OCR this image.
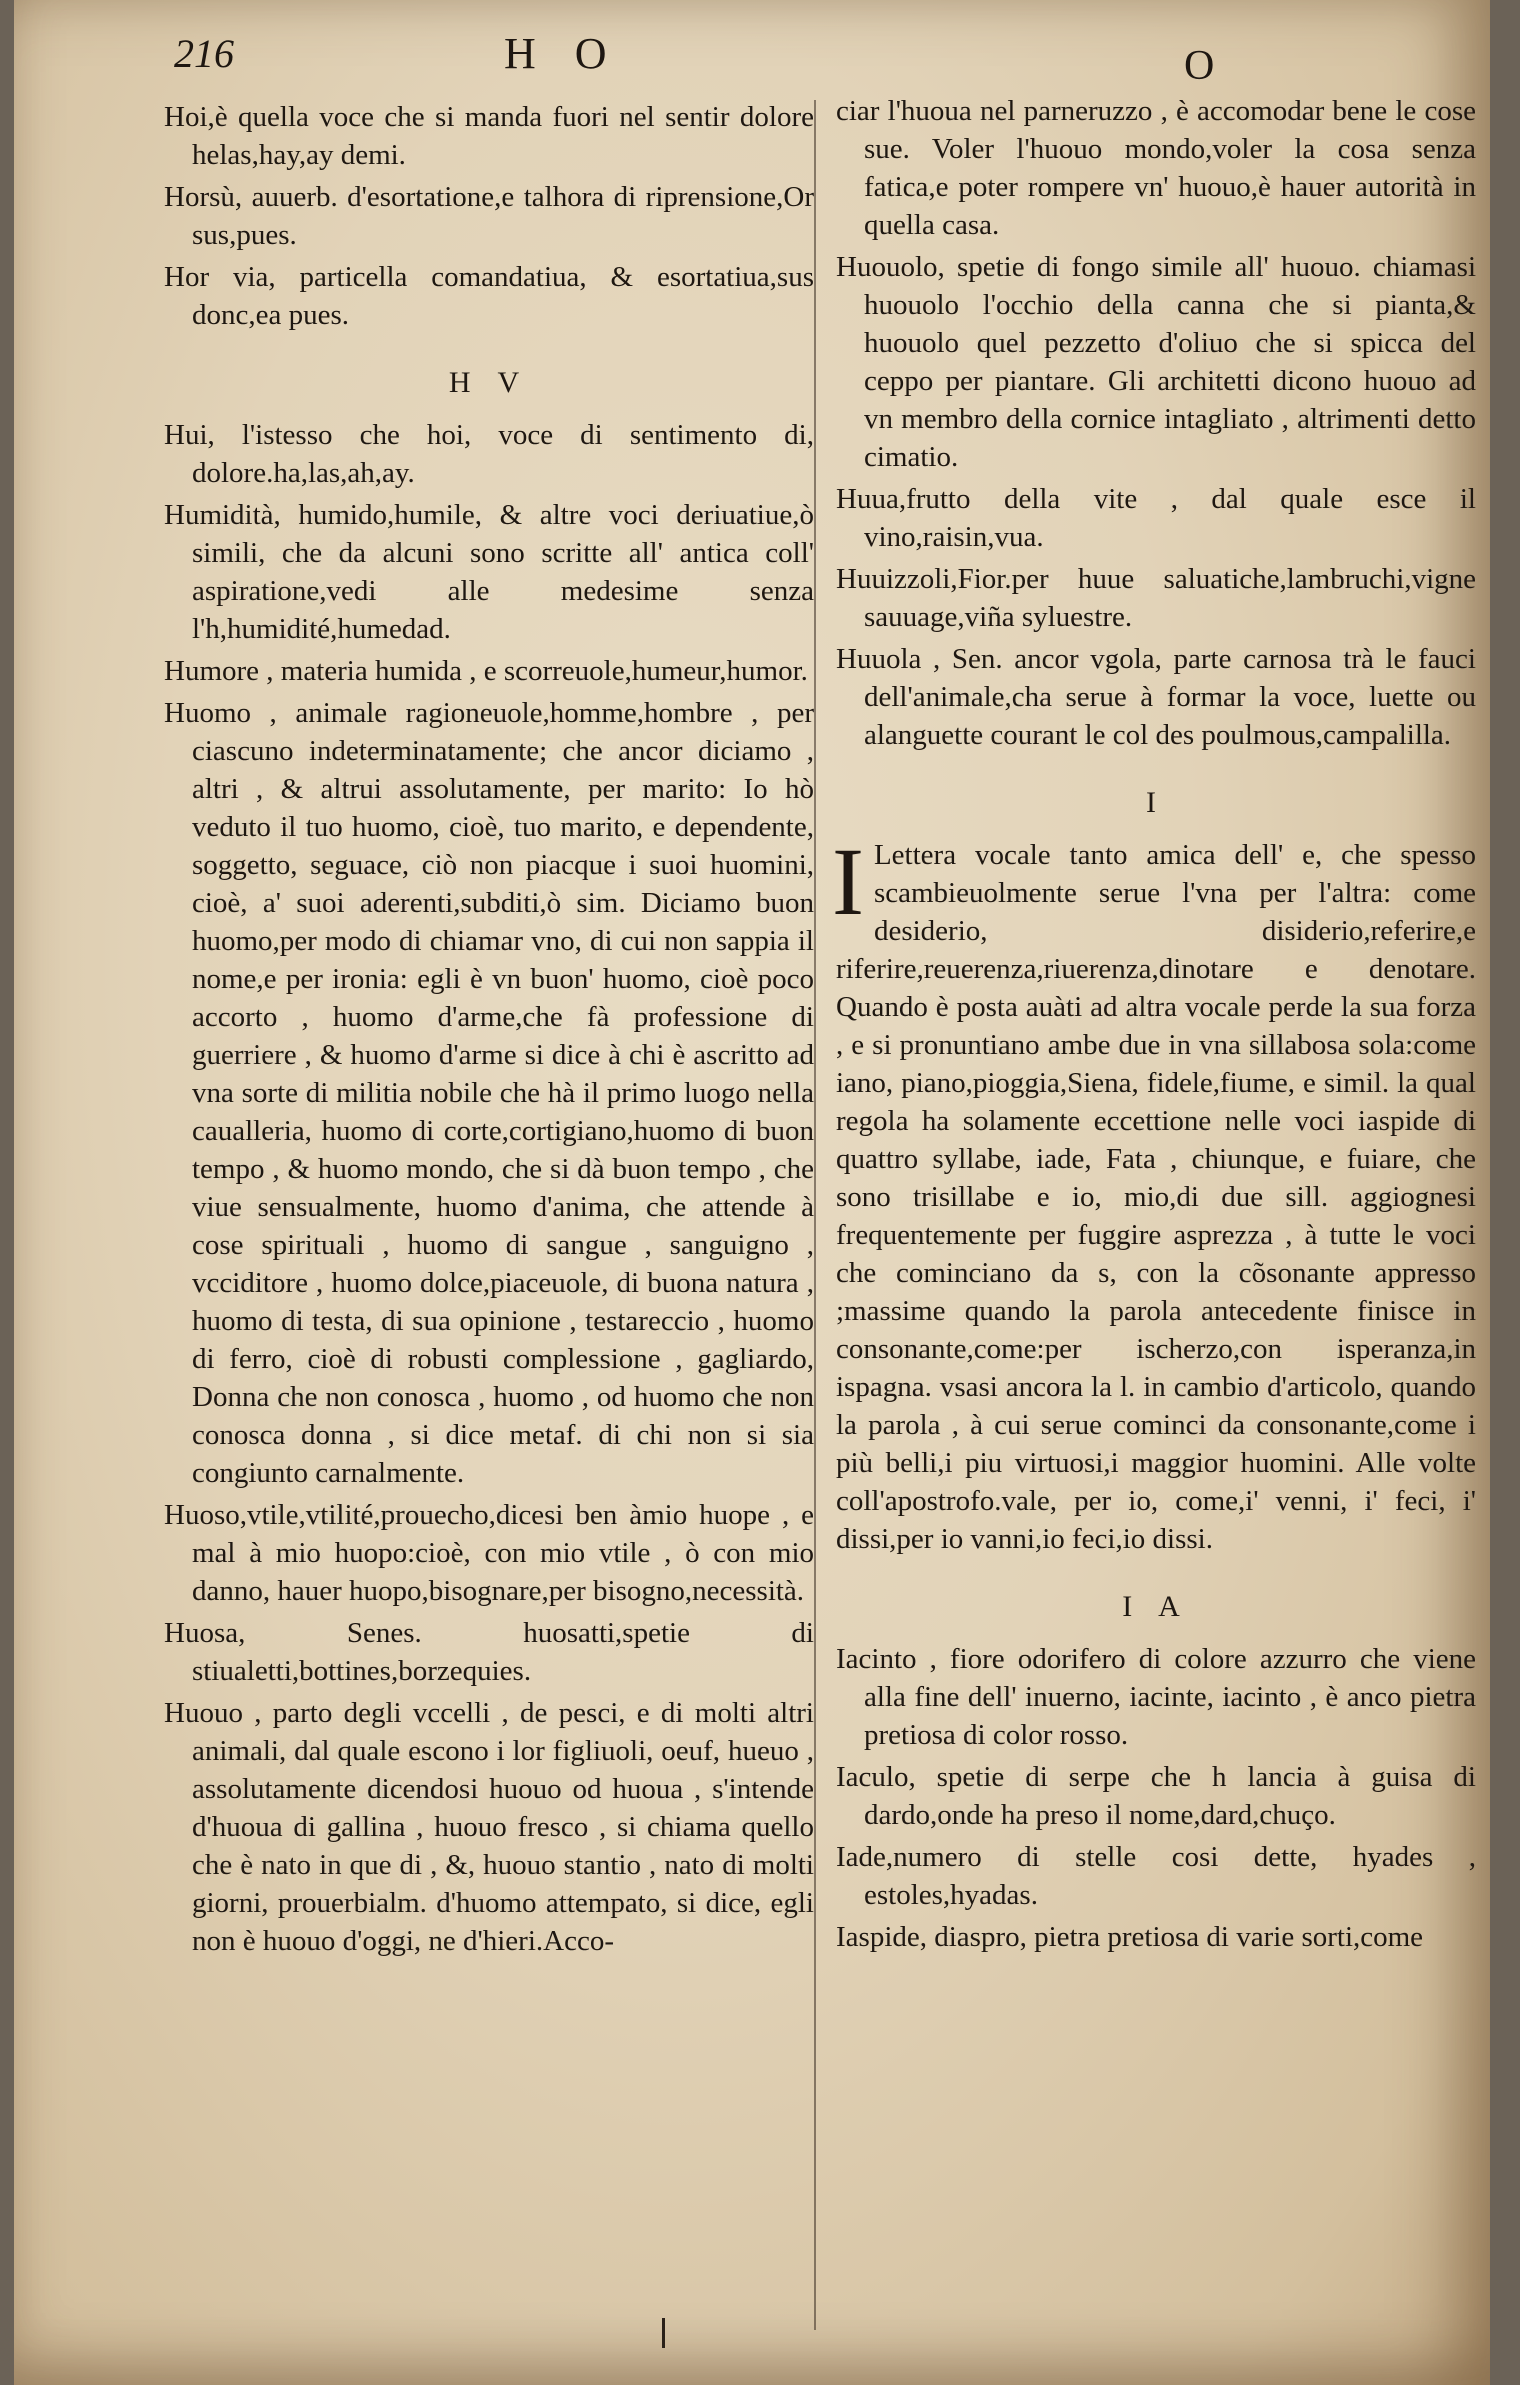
216	H O	O

Hoi,è quella voce che si manda fuori nel sentir dolore helas,hay,ay demi.

Horsù, auuerb. d'esortatione,e talhora di riprensione,Or sus,pues.

Hor via, particella comandatiua, & esortatiua,sus donc,ea pues.

H V

Hui, l'istesso che hoi, voce di sentimento di, dolore.ha,las,ah,ay.

Humidità, humido,humile, & altre voci deriuatiue,ò simili, che da alcuni sono scritte all' antica coll' aspiratione,vedi alle medesime senza l'h,humidité,humedad.

Humore , materia humida , e scorreuole,humeur,humor.

Huomo , animale ragioneuole,homme,hombre , per ciascuno indeterminatamente; che ancor diciamo , altri , & altrui assolutamente, per marito: Io hò veduto il tuo huomo, cioè, tuo marito, e dependente, soggetto, seguace, ciò non piacque i suoi huomini, cioè, a' suoi aderenti,subditi,ò sim. Diciamo buon huomo,per modo di chiamar vno, di cui non sappia il nome,e per ironia: egli è vn buon' huomo, cioè poco accorto , huomo d'arme,che fà professione di guerriere , & huomo d'arme si dice à chi è ascritto ad vna sorte di militia nobile che hà il primo luogo nella caualleria, huomo di corte,cortigiano,huomo di buon tempo , & huomo mondo, che si dà buon tempo , che viue sensualmente, huomo d'anima, che attende à cose spirituali , huomo di sangue , sanguigno , vcciditore , huomo dolce,piaceuole, di buona natura , huomo di testa, di sua opinione , testareccio , huomo di ferro, cioè di robusti complessione , gagliardo, Donna che non conosca , huomo , od huomo che non conosca donna , si dice metaf. di chi non si sia congiunto carnalmente.

Huoso,vtile,vtilité,prouecho,dicesi ben àmio huope , e mal à mio huopo:cioè, con mio vtile , ò con mio danno, hauer huopo,bisognare,per bisogno,necessità.

Huosa, Senes. huosatti,spetie di stiualetti,bottines,borzequies.

Huouo , parto degli vccelli , de pesci, e di molti altri animali, dal quale escono i lor figliuoli, oeuf, hueuo , assolutamente dicendosi huouo od huoua , s'intende d'huoua di gallina , huouo fresco , si chiama quello che è nato in que di , &, huouo stantio , nato di molti giorni, prouerbialm. d'huomo attempato, si dice, egli non è huouo d'oggi, ne d'hieri.Acco-

ciar l'huoua nel parneruzzo , è accomodar bene le cose sue. Voler l'huouo mondo,voler la cosa senza fatica,e poter rompere vn' huouo,è hauer autorità in quella casa.

Huouolo, spetie di fongo simile all' huouo. chiamasi huouolo l'occhio della canna che si pianta,& huouolo quel pezzetto d'oliuo che si spicca del ceppo per piantare. Gli architetti dicono huouo ad vn membro della cornice intagliato , altrimenti detto cimatio.

Huua,frutto della vite , dal quale esce il vino,raisin,vua.

Huuizzoli,Fior.per huue saluatiche,lambruchi,vigne sauuage,viña syluestre.

Huuola , Sen. ancor vgola, parte carnosa trà le fauci dell'animale,cha serue à formar la voce, luette ou alanguette courant le col des poulmous,campalilla.

I
I Lettera vocale tanto amica dell' e, che spesso scambieuolmente serue l'vna per l'altra: come desiderio, disiderio,referire,e riferire,reuerenza,riuerenza,dinotare e denotare. Quando è posta auàti ad altra vocale perde la sua forza , e si pronuntiano ambe due in vna sillabosa sola:come iano, piano,pioggia,Siena, fidele,fiume, e simil. la qual regola ha solamente eccettione nelle voci iaspide di quattro syllabe, iade, Fata , chiunque, e fuiare, che sono trisillabe e io, mio,di due sill. aggiognesi frequentemente per fuggire asprezza , à tutte le voci che cominciano da s, con la cõsonante appresso ;massime quando la parola antecedente finisce in consonante,come:per ischerzo,con isperanza,in ispagna. vsasi ancora la l. in cambio d'articolo, quando la parola , à cui serue cominci da consonante,come i più belli,i piu virtuosi,i maggior huomini. Alle volte coll'apostrofo.vale, per io, come,i' venni, i' feci, i' dissi,per io vanni,io feci,io dissi.
I A

Iacinto , fiore odorifero di colore azzurro che viene alla fine dell' inuerno, iacinte, iacinto , è anco pietra pretiosa di color rosso.

Iaculo, spetie di serpe che h lancia à guisa di dardo,onde ha preso il nome,dard,chuço.

Iade,numero di stelle cosi dette, hyades , estoles,hyadas.

Iaspide, diaspro, pietra pretiosa di varie sorti,come
